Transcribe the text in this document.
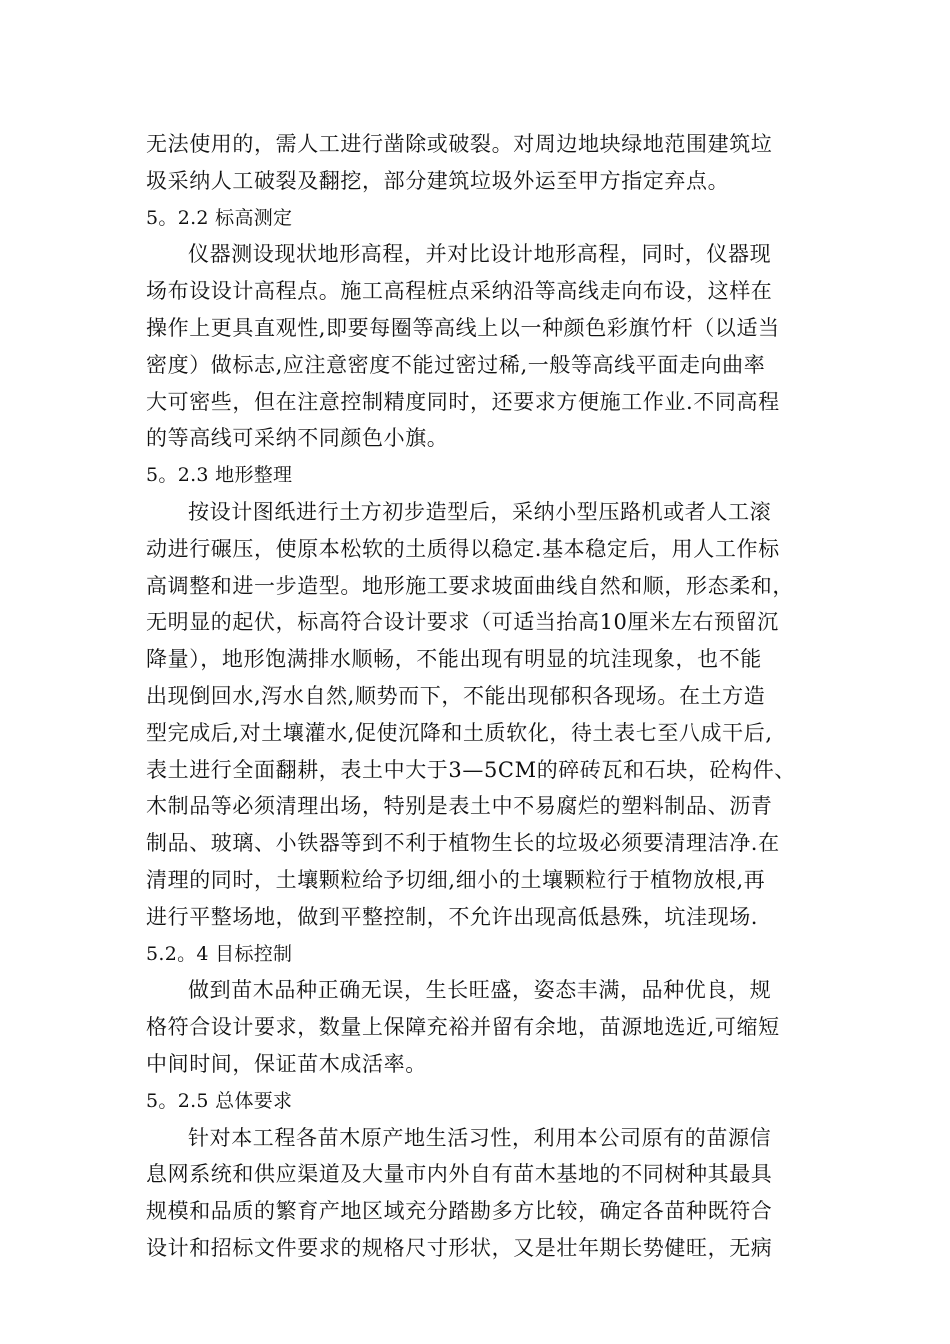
无法使用的，需人工进行凿除或破裂。对周边地块绿地范围建筑垃
圾采纳人工破裂及翻挖，部分建筑垃圾外运至甲方指定弃点。
5。2.2 标高测定
仪器测设现状地形高程，并对比设计地形高程，同时，仪器现
场布设设计高程点。施工高程桩点采纳沿等高线走向布设，这样在
操作上更具直观性,即要每圈等高线上以一种颜色彩旗竹杆（以适当
密度）做标志,应注意密度不能过密过稀,一般等高线平面走向曲率
大可密些，但在注意控制精度同时，还要求方便施工作业.不同高程
的等高线可采纳不同颜色小旗。
5。2.3 地形整理
按设计图纸进行土方初步造型后，采纳小型压路机或者人工滚
动进行碾压，使原本松软的土质得以稳定.基本稳定后，用人工作标
高调整和进一步造型。地形施工要求坡面曲线自然和顺，形态柔和，
无明显的起伏，标高符合设计要求（可适当抬高10厘米左右预留沉
降量），地形饱满排水顺畅，不能出现有明显的坑洼现象，也不能
出现倒回水,泻水自然,顺势而下，不能出现郁积各现场。在土方造
型完成后,对土壤灌水,促使沉降和土质软化，待土表七至八成干后,
表土进行全面翻耕，表土中大于3—5CM的碎砖瓦和石块，砼构件、
木制品等必须清理出场，特别是表土中不易腐烂的塑料制品、沥青
制品、玻璃、小铁器等到不利于植物生长的垃圾必须要清理洁净.在
清理的同时，土壤颗粒给予切细,细小的土壤颗粒行于植物放根,再
进行平整场地，做到平整控制，不允许出现高低悬殊，坑洼现场.
5.2。4 目标控制
做到苗木品种正确无误，生长旺盛，姿态丰满，品种优良，规
格符合设计要求，数量上保障充裕并留有余地，苗源地选近,可缩短
中间时间，保证苗木成活率。
5。2.5 总体要求
针对本工程各苗木原产地生活习性，利用本公司原有的苗源信
息网系统和供应渠道及大量市内外自有苗木基地的不同树种其最具
规模和品质的繁育产地区域充分踏勘多方比较，确定各苗种既符合
设计和招标文件要求的规格尺寸形状，又是壮年期长势健旺，无病
